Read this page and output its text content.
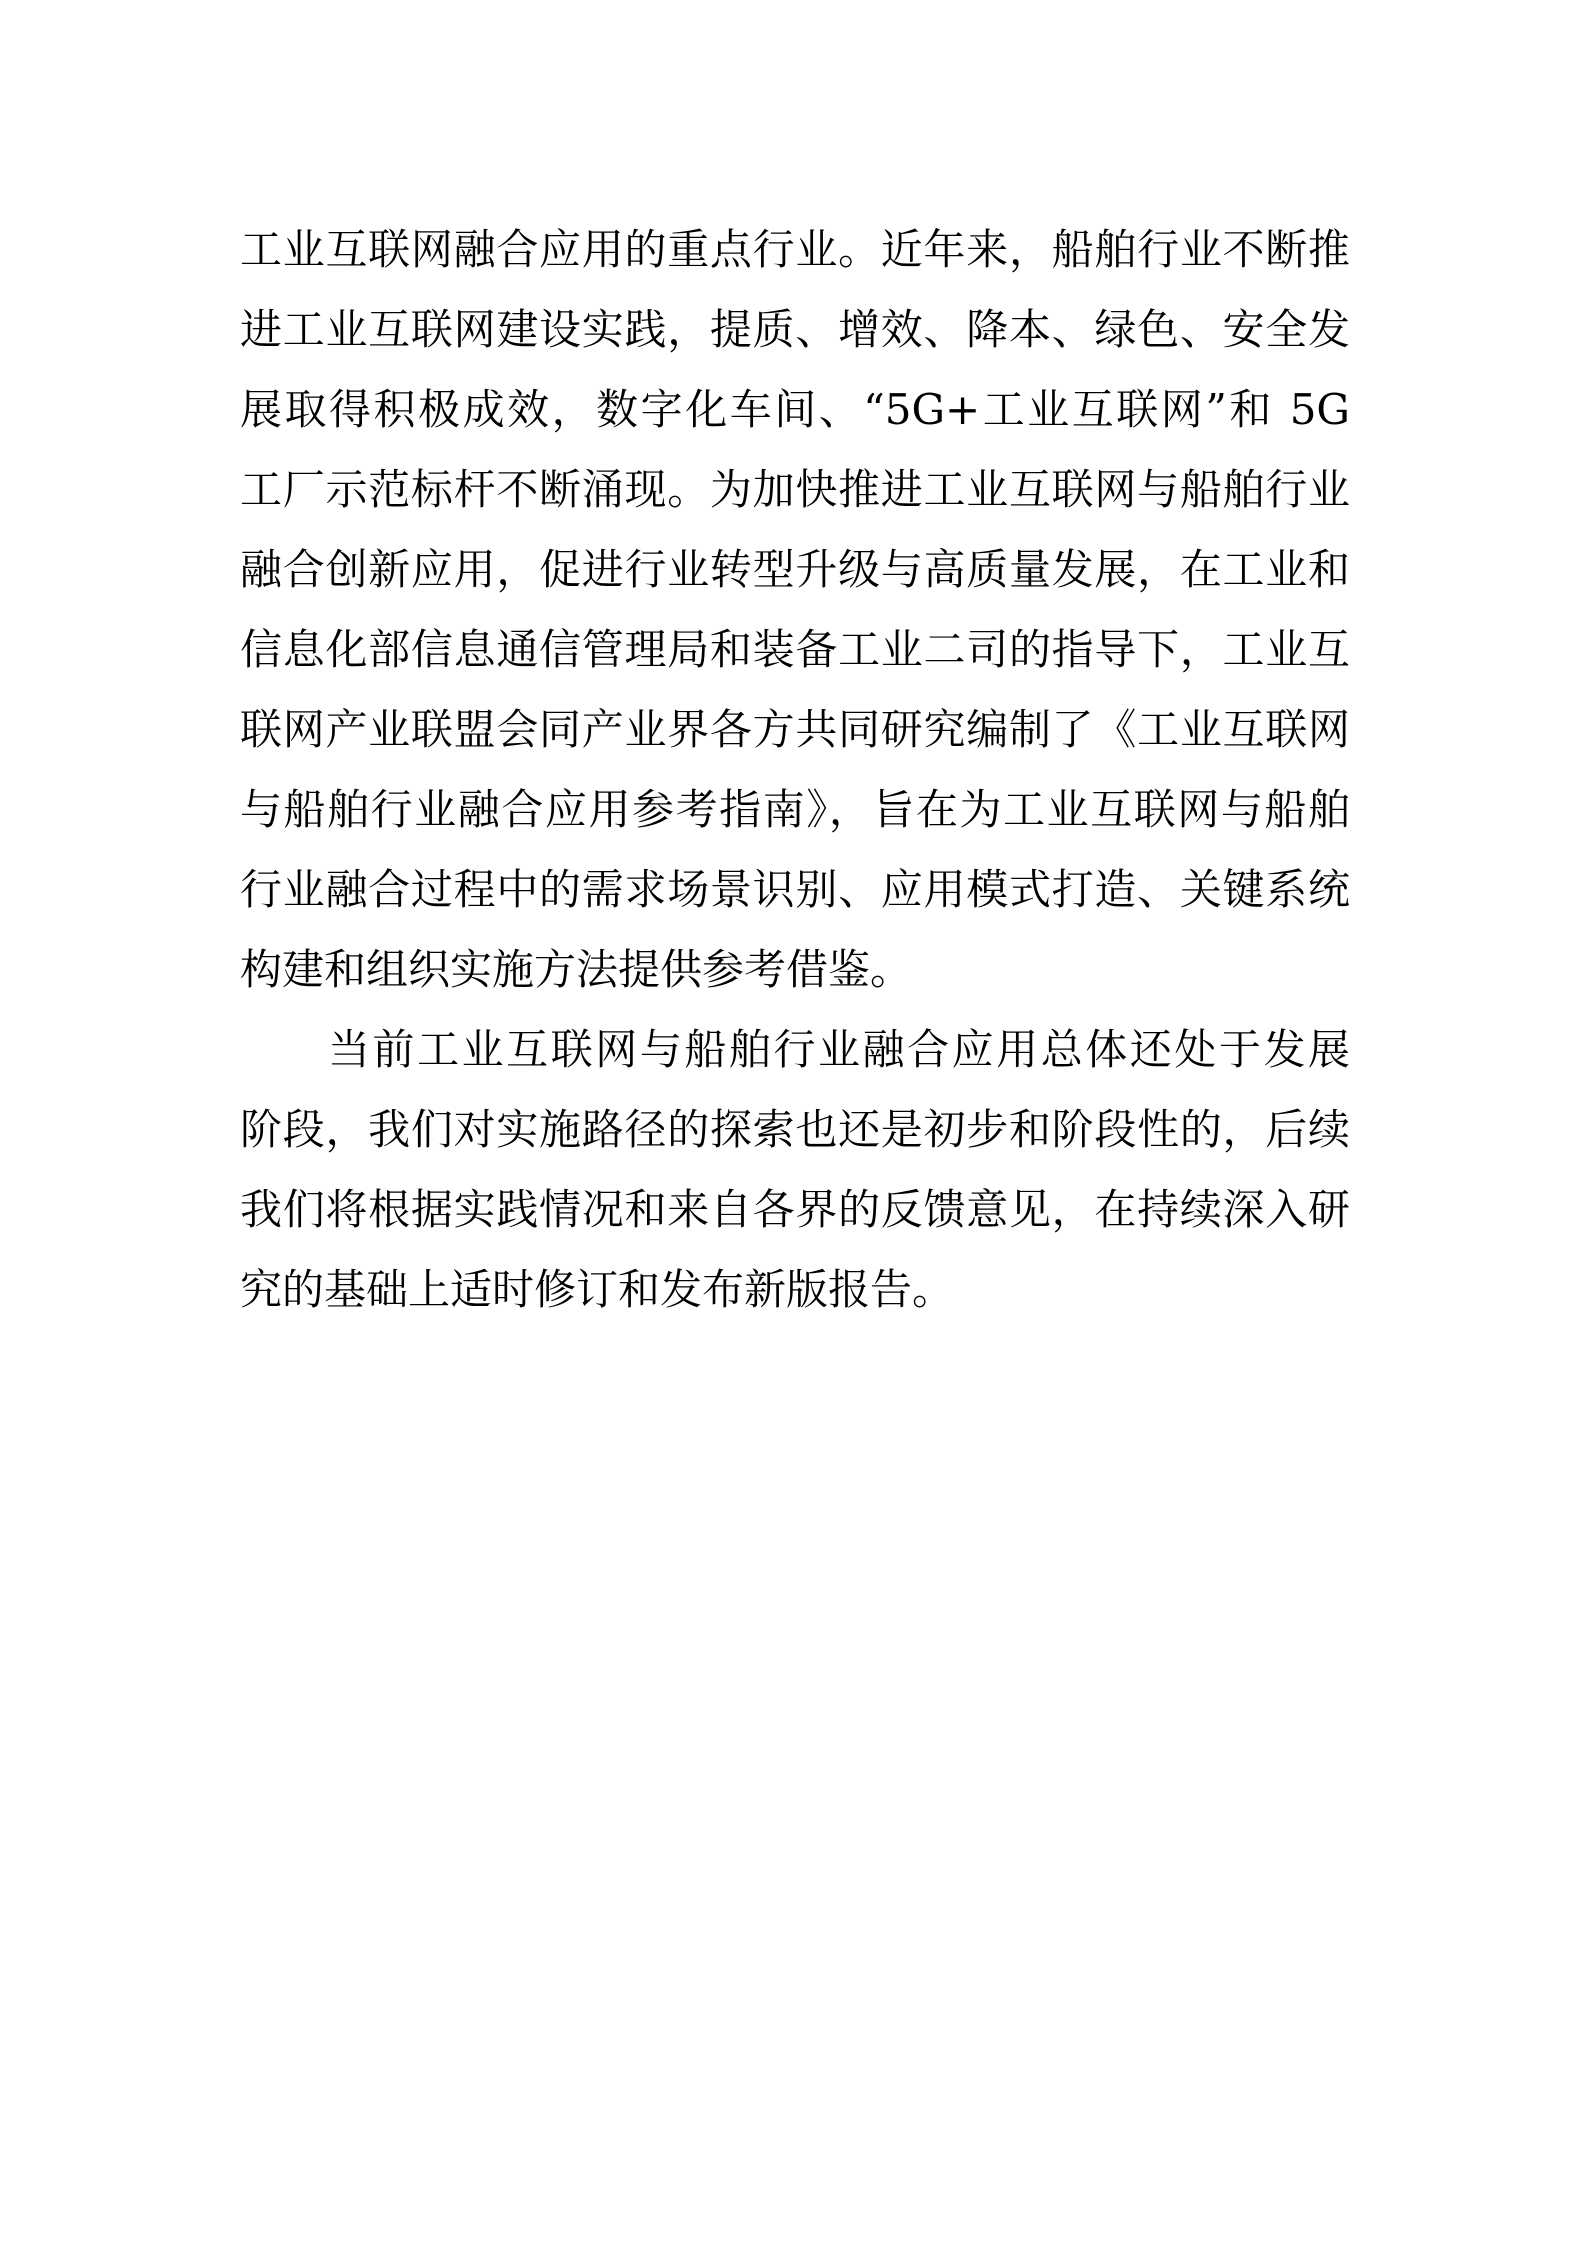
工业互联网融合应用的重点行业。近年来，船舶行业不断推
进工业互联网建设实践，提质、增效、降本、绿色、安全发
展取得积极成效，数字化车间、“5G+工业互联网”和 5G
工厂示范标杆不断涌现。为加快推进工业互联网与船舶行业
融合创新应用，促进行业转型升级与高质量发展，在工业和
信息化部信息通信管理局和装备工业二司的指导下，工业互
联网产业联盟会同产业界各方共同研究编制了《工业互联网
与船舶行业融合应用参考指南》，旨在为工业互联网与船舶
行业融合过程中的需求场景识别、应用模式打造、关键系统
构建和组织实施方法提供参考借鉴。
当前工业互联网与船舶行业融合应用总体还处于发展
阶段，我们对实施路径的探索也还是初步和阶段性的，后续
我们将根据实践情况和来自各界的反馈意见，在持续深入研
究的基础上适时修订和发布新版报告。
